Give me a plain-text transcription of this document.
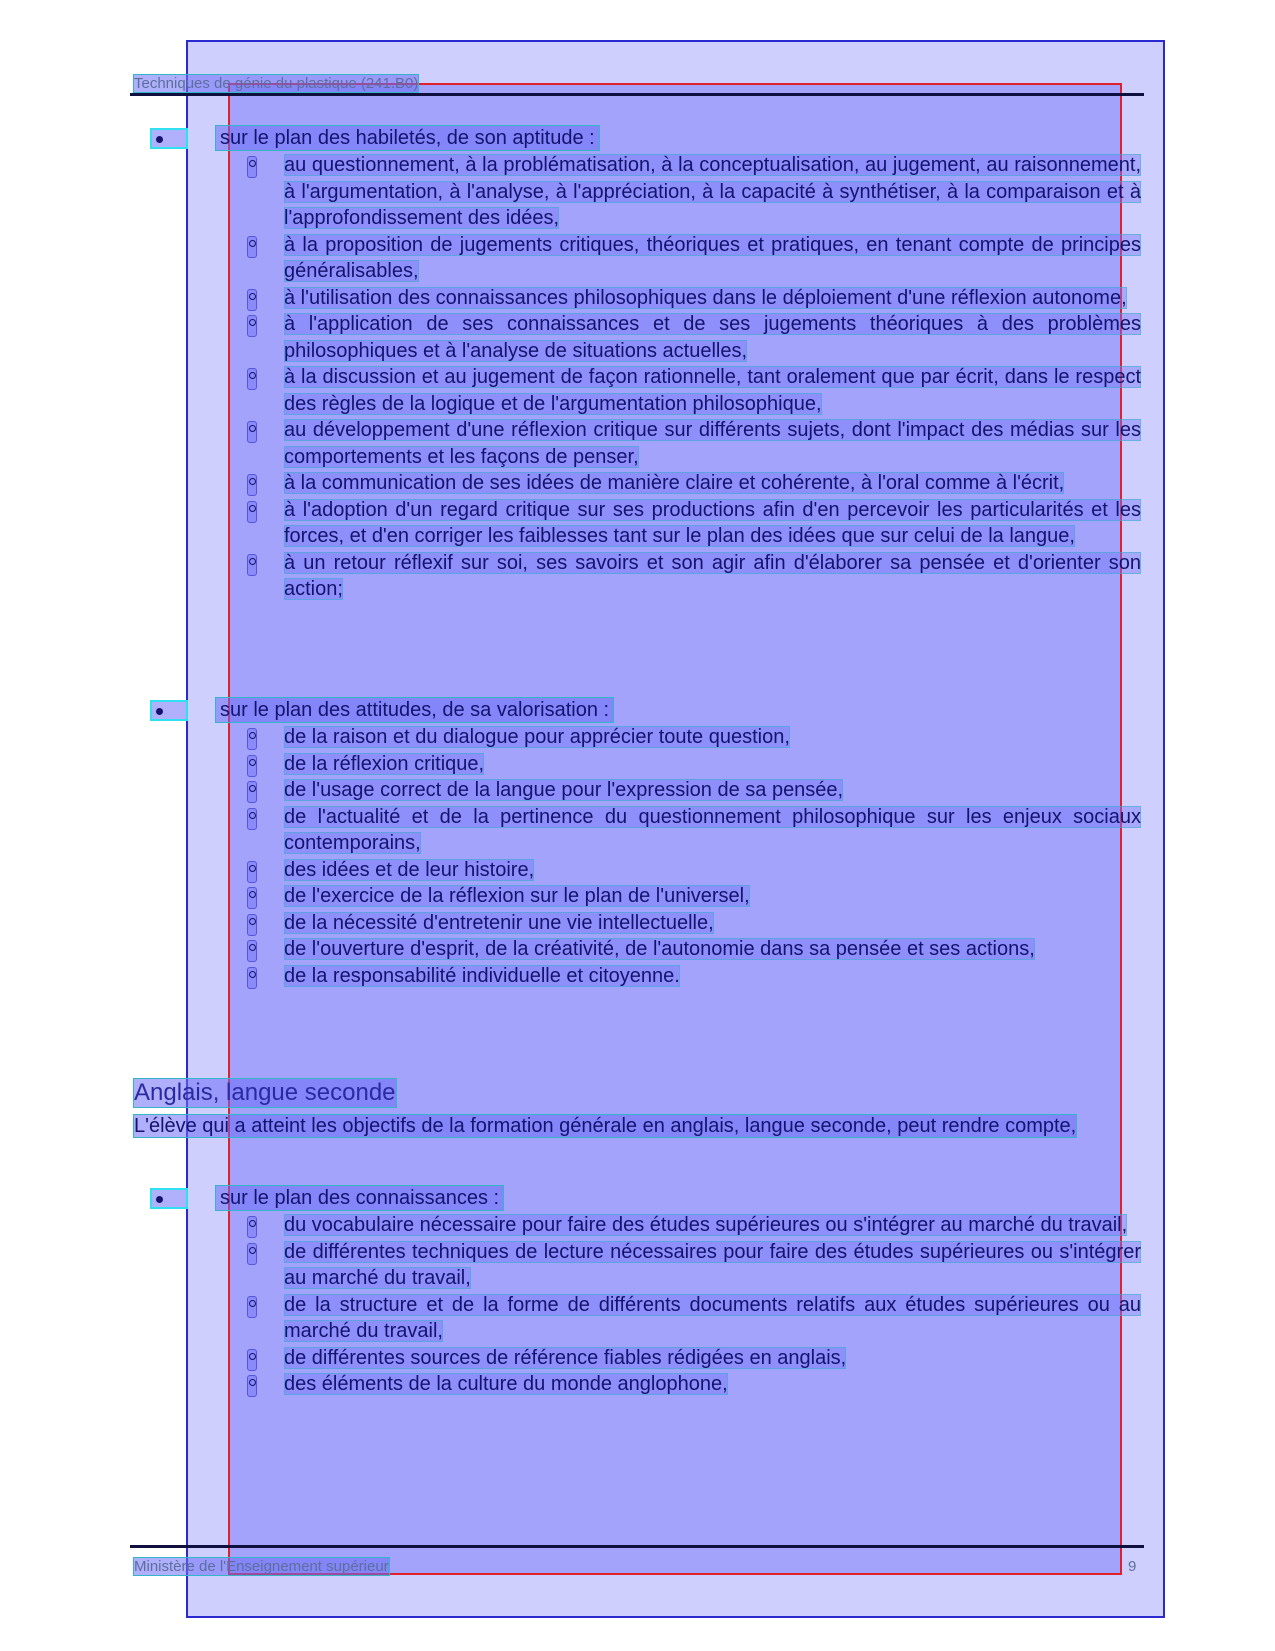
Techniques de génie du plastique (241.B0)
sur le plan des habiletés, de son aptitude :
au questionnement, à la problématisation, à la conceptualisation, au jugement, au raisonnement, à l'argumentation, à l'analyse, à l'appréciation, à la capacité à synthétiser, à la comparaison et à l'approfondissement des idées,
à la proposition de jugements critiques, théoriques et pratiques, en tenant compte de principes généralisables,
à l'utilisation des connaissances philosophiques dans le déploiement d'une réflexion autonome,
à l'application de ses connaissances et de ses jugements théoriques à des problèmes philosophiques et à l'analyse de situations actuelles,
à la discussion et au jugement de façon rationnelle, tant oralement que par écrit, dans le respect des règles de la logique et de l'argumentation philosophique,
au développement d'une réflexion critique sur différents sujets, dont l'impact des médias sur les comportements et les façons de penser,
à la communication de ses idées de manière claire et cohérente, à l'oral comme à l'écrit,
à l'adoption d'un regard critique sur ses productions afin d'en percevoir les particularités et les forces, et d'en corriger les faiblesses tant sur le plan des idées que sur celui de la langue,
à un retour réflexif sur soi, ses savoirs et son agir afin d'élaborer sa pensée et d'orienter son action;
sur le plan des attitudes, de sa valorisation :
de la raison et du dialogue pour apprécier toute question,
de la réflexion critique,
de l'usage correct de la langue pour l'expression de sa pensée,
de l'actualité et de la pertinence du questionnement philosophique sur les enjeux sociaux contemporains,
des idées et de leur histoire,
de l'exercice de la réflexion sur le plan de l'universel,
de la nécessité d'entretenir une vie intellectuelle,
de l'ouverture d'esprit, de la créativité, de l'autonomie dans sa pensée et ses actions,
de la responsabilité individuelle et citoyenne.
Anglais, langue seconde
L'élève qui a atteint les objectifs de la formation générale en anglais, langue seconde, peut rendre compte,
sur le plan des connaissances :
du vocabulaire nécessaire pour faire des études supérieures ou s'intégrer au marché du travail,
de différentes techniques de lecture nécessaires pour faire des études supérieures ou s'intégrer au marché du travail,
de la structure et de la forme de différents documents relatifs aux études supérieures ou au marché du travail,
de différentes sources de référence fiables rédigées en anglais,
des éléments de la culture du monde anglophone,
Ministère de l'Enseignement supérieur	9
